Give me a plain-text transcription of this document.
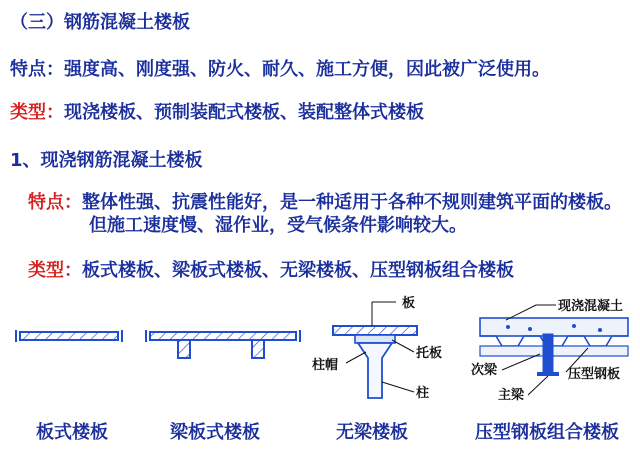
（三）钢筋混凝土楼板
特点：强度高、刚度强、防火、耐久、施工方便，因此被广泛使用。
类型：现浇楼板、预制装配式楼板、装配整体式楼板
1、现浇钢筋混凝土楼板
特点：整体性强、抗震性能好，是一种适用于各种不规则建筑平面的楼板。
但施工速度慢、湿作业，受气候条件影响较大。
类型：板式楼板、梁板式楼板、无梁楼板、压型钢板组合楼板
板
柱帽
托板
柱
现浇混凝土
次梁
主梁
压型钢板
板式楼板	梁板式楼板	无梁楼板	压型钢板组合楼板
